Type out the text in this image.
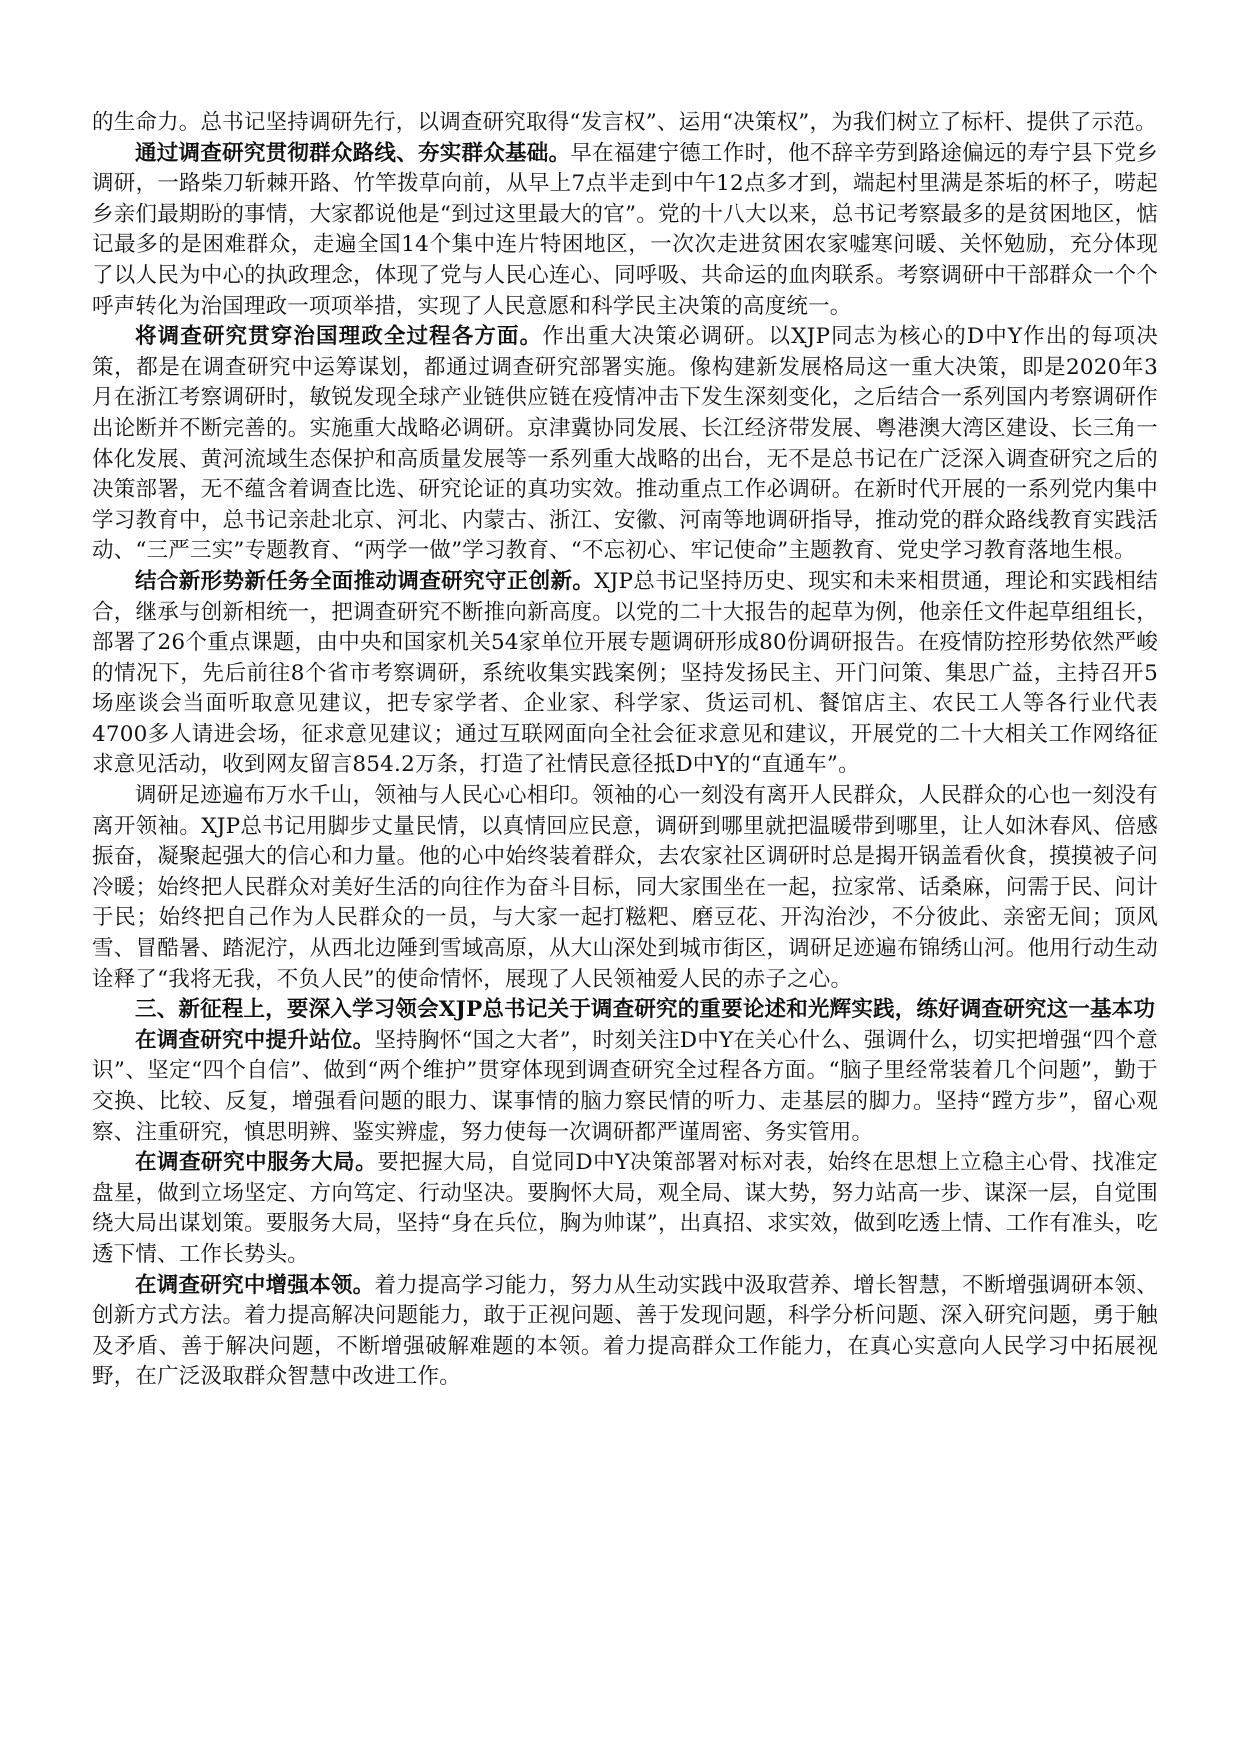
的生命力。总书记坚持调研先行，以调查研究取得“发言权”、运用“决策权”，为我们树立了标杆、提供了示范。

通过调查研究贯彻群众路线、夯实群众基础。早在福建宁德工作时，他不辞辛劳到路途偏远的寿宁县下党乡调研，一路柴刀斩棘开路、竹竿拨草向前，从早上7点半走到中午12点多才到，端起村里满是茶垢的杯子，唠起乡亲们最期盼的事情，大家都说他是“到过这里最大的官”。党的十八大以来，总书记考察最多的是贫困地区，惦记最多的是困难群众，走遍全国14个集中连片特困地区，一次次走进贫困农家嘘寒问暖、关怀勉励，充分体现了以人民为中心的执政理念，体现了党与人民心连心、同呼吸、共命运的血肉联系。考察调研中干部群众一个个呼声转化为治国理政一项项举措，实现了人民意愿和科学民主决策的高度统一。

将调查研究贯穿治国理政全过程各方面。作出重大决策必调研。以XJP同志为核心的D中Y作出的每项决策，都是在调查研究中运筹谋划，都通过调查研究部署实施。像构建新发展格局这一重大决策，即是2020年3月在浙江考察调研时，敏锐发现全球产业链供应链在疫情冲击下发生深刻变化，之后结合一系列国内考察调研作出论断并不断完善的。实施重大战略必调研。京津冀协同发展、长江经济带发展、粤港澳大湾区建设、长三角一体化发展、黄河流域生态保护和高质量发展等一系列重大战略的出台，无不是总书记在广泛深入调查研究之后的决策部署，无不蕴含着调查比选、研究论证的真功实效。推动重点工作必调研。在新时代开展的一系列党内集中学习教育中，总书记亲赴北京、河北、内蒙古、浙江、安徽、河南等地调研指导，推动党的群众路线教育实践活动、“三严三实”专题教育、“两学一做”学习教育、“不忘初心、牢记使命”主题教育、党史学习教育落地生根。

结合新形势新任务全面推动调查研究守正创新。XJP总书记坚持历史、现实和未来相贯通，理论和实践相结合，继承与创新相统一，把调查研究不断推向新高度。以党的二十大报告的起草为例，他亲任文件起草组组长，部署了26个重点课题，由中央和国家机关54家单位开展专题调研形成80份调研报告。在疫情防控形势依然严峻的情况下，先后前往8个省市考察调研，系统收集实践案例；坚持发扬民主、开门问策、集思广益，主持召开5场座谈会当面听取意见建议，把专家学者、企业家、科学家、货运司机、餐馆店主、农民工人等各行业代表4700多人请进会场，征求意见建议；通过互联网面向全社会征求意见和建议，开展党的二十大相关工作网络征求意见活动，收到网友留言854.2万条，打造了社情民意径抵D中Y的“直通车”。

调研足迹遍布万水千山，领袖与人民心心相印。领袖的心一刻没有离开人民群众，人民群众的心也一刻没有离开领袖。XJP总书记用脚步丈量民情，以真情回应民意，调研到哪里就把温暖带到哪里，让人如沐春风、倍感振奋，凝聚起强大的信心和力量。他的心中始终装着群众，去农家社区调研时总是揭开锅盖看伙食，摸摸被子问冷暖；始终把人民群众对美好生活的向往作为奋斗目标，同大家围坐在一起，拉家常、话桑麻，问需于民、问计于民；始终把自己作为人民群众的一员，与大家一起打糍粑、磨豆花、开沟治沙，不分彼此、亲密无间；顶风雪、冒酷暑、踏泥泞，从西北边陲到雪域高原，从大山深处到城市街区，调研足迹遍布锦绣山河。他用行动生动诠释了“我将无我，不负人民”的使命情怀，展现了人民领袖爱人民的赤子之心。

三、新征程上，要深入学习领会XJP总书记关于调查研究的重要论述和光辉实践，练好调查研究这一基本功

在调查研究中提升站位。坚持胸怀“国之大者”，时刻关注D中Y在关心什么、强调什么，切实把增强“四个意识”、坚定“四个自信”、做到“两个维护”贯穿体现到调查研究全过程各方面。“脑子里经常装着几个问题”，勤于交换、比较、反复，增强看问题的眼力、谋事情的脑力察民情的听力、走基层的脚力。坚持“蹚方步”，留心观察、注重研究，慎思明辨、鉴实辨虚，努力使每一次调研都严谨周密、务实管用。

在调查研究中服务大局。要把握大局，自觉同D中Y决策部署对标对表，始终在思想上立稳主心骨、找准定盘星，做到立场坚定、方向笃定、行动坚决。要胸怀大局，观全局、谋大势，努力站高一步、谋深一层，自觉围绕大局出谋划策。要服务大局，坚持“身在兵位，胸为帅谋”，出真招、求实效，做到吃透上情、工作有准头，吃透下情、工作长势头。

在调查研究中增强本领。着力提高学习能力，努力从生动实践中汲取营养、增长智慧，不断增强调研本领、创新方式方法。着力提高解决问题能力，敢于正视问题、善于发现问题，科学分析问题、深入研究问题，勇于触及矛盾、善于解决问题，不断增强破解难题的本领。着力提高群众工作能力，在真心实意向人民学习中拓展视野，在广泛汲取群众智慧中改进工作。
